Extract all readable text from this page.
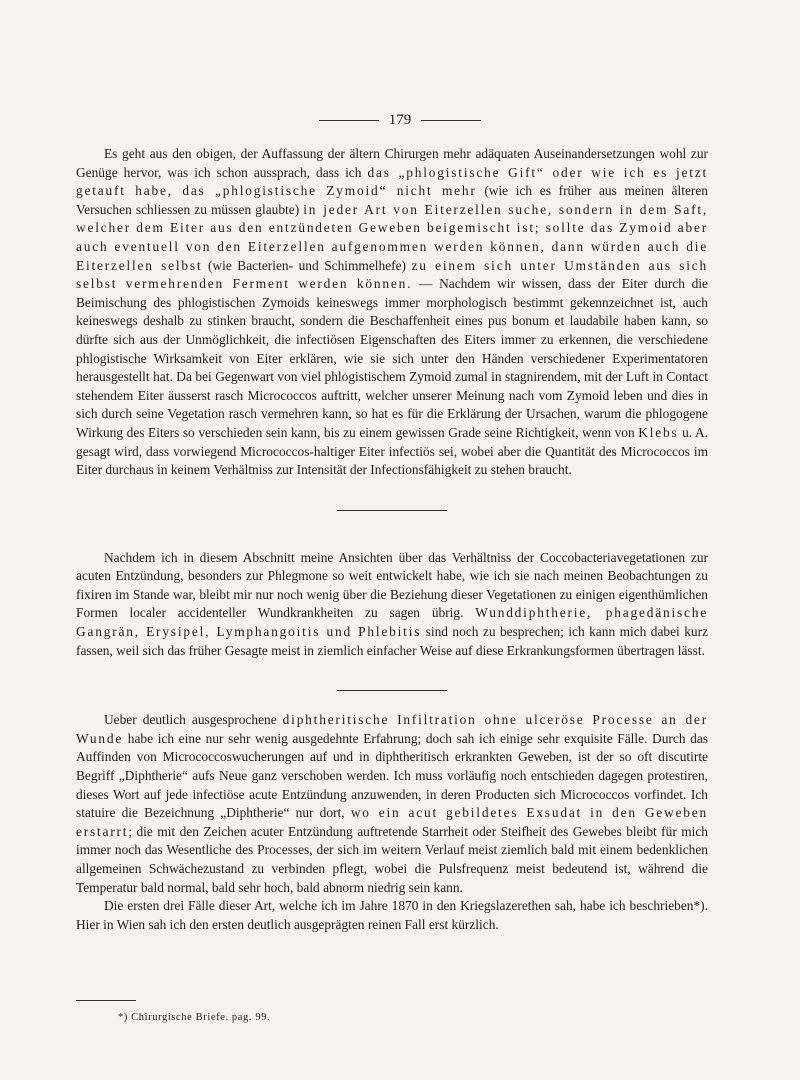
179

Es geht aus den obigen, der Auffassung der ältern Chirurgen mehr adäquaten Auseinandersetzungen wohl zur Genüge hervor, was ich schon aussprach, dass ich das „phlogistische Gift“ oder wie ich es jetzt getauft habe, das „phlogistische Zymoid“ nicht mehr (wie ich es früher aus meinen älteren Versuchen schliessen zu müssen glaubte) in jeder Art von Eiterzellen suche, sondern in dem Saft, welcher dem Eiter aus den entzündeten Geweben beigemischt ist; sollte das Zymoid aber auch eventuell von den Eiterzellen aufgenommen werden können, dann würden auch die Eiterzellen selbst (wie Bacterien- und Schimmelhefe) zu einem sich unter Umständen aus sich selbst vermehrenden Ferment werden können. — Nachdem wir wissen, dass der Eiter durch die Beimischung des phlogistischen Zymoids keineswegs immer morphologisch bestimmt gekennzeichnet ist, auch keineswegs deshalb zu stinken braucht, sondern die Beschaffenheit eines pus bonum et laudabile haben kann, so dürfte sich aus der Unmöglichkeit, die infectiösen Eigenschaften des Eiters immer zu erkennen, die verschiedene phlogistische Wirksamkeit von Eiter erklären, wie sie sich unter den Händen verschiedener Experimentatoren herausgestellt hat. Da bei Gegenwart von viel phlogistischem Zymoid zumal in stagnirendem, mit der Luft in Contact stehendem Eiter äusserst rasch Micrococcos auftritt, welcher unserer Meinung nach vom Zymoid leben und dies in sich durch seine Vegetation rasch vermehren kann, so hat es für die Erklärung der Ursachen, warum die phlogogene Wirkung des Eiters so verschieden sein kann, bis zu einem gewissen Grade seine Richtigkeit, wenn von Klebs u. A. gesagt wird, dass vorwiegend Micrococcos-haltiger Eiter infectiös sei, wobei aber die Quantität des Micrococcos im Eiter durchaus in keinem Verhältniss zur Intensität der Infectionsfähigkeit zu stehen braucht.

Nachdem ich in diesem Abschnitt meine Ansichten über das Verhältniss der Coccobacteriavegetationen zur acuten Entzündung, besonders zur Phlegmone so weit entwickelt habe, wie ich sie nach meinen Beobachtungen zu fixiren im Stande war, bleibt mir nur noch wenig über die Beziehung dieser Vegetationen zu einigen eigenthümlichen Formen localer accidenteller Wundkrankheiten zu sagen übrig. Wunddiphtherie, phagedänische Gangrän, Erysipel, Lymphangoitis und Phlebitis sind noch zu besprechen; ich kann mich dabei kurz fassen, weil sich das früher Gesagte meist in ziemlich einfacher Weise auf diese Erkrankungsformen übertragen lässt.

Ueber deutlich ausgesprochene diphtheritische Infiltration ohne ulceröse Processe an der Wunde habe ich eine nur sehr wenig ausgedehnte Erfahrung; doch sah ich einige sehr exquisite Fälle. Durch das Auffinden von Micrococcoswucherungen auf und in diphtheritisch erkrankten Geweben, ist der so oft discutirte Begriff „Diphtherie“ aufs Neue ganz verschoben werden. Ich muss vorläufig noch entschieden dagegen protestiren, dieses Wort auf jede infectiöse acute Entzündung anzuwenden, in deren Producten sich Micrococcos vorfindet. Ich statuire die Bezeichnung „Diphtherie“ nur dort, wo ein acut gebildetes Exsudat in den Geweben erstarrt; die mit den Zeichen acuter Entzündung auftretende Starrheit oder Steifheit des Gewebes bleibt für mich immer noch das Wesentliche des Processes, der sich im weitern Verlauf meist ziemlich bald mit einem bedenklichen allgemeinen Schwächezustand zu verbinden pflegt, wobei die Pulsfrequenz meist bedeutend ist, während die Temperatur bald normal, bald sehr hoch, bald abnorm niedrig sein kann.

Die ersten drei Fälle dieser Art, welche ich im Jahre 1870 in den Kriegslazerethen sah, habe ich beschrieben*). Hier in Wien sah ich den ersten deutlich ausgeprägten reinen Fall erst kürzlich.

*) Chirurgische Briefe. pag. 99.
